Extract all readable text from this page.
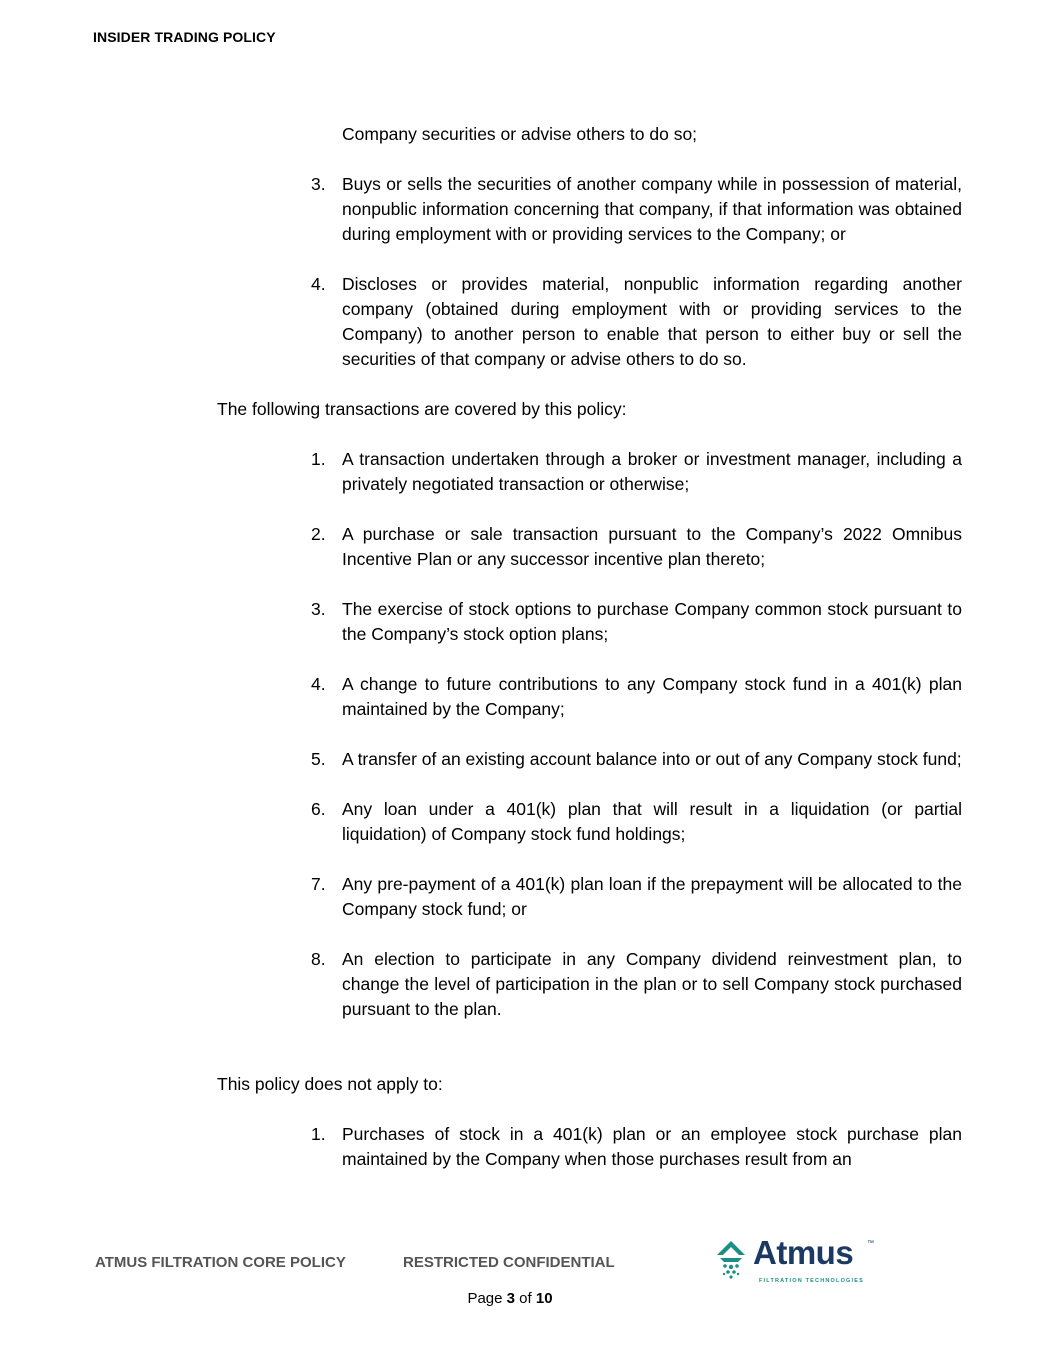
INSIDER TRADING POLICY

Company securities or advise others to do so;

3. Buys or sells the securities of another company while in possession of material, nonpublic information concerning that company, if that information was obtained during employment with or providing services to the Company; or
4. Discloses or provides material, nonpublic information regarding another company (obtained during employment with or providing services to the Company) to another person to enable that person to either buy or sell the securities of that company or advise others to do so.

The following transactions are covered by this policy:

1. A transaction undertaken through a broker or investment manager, including a privately negotiated transaction or otherwise;
2. A purchase or sale transaction pursuant to the Company’s 2022 Omnibus Incentive Plan or any successor incentive plan thereto;
3. The exercise of stock options to purchase Company common stock pursuant to the Company’s stock option plans;
4. A change to future contributions to any Company stock fund in a 401(k) plan maintained by the Company;
5. A transfer of an existing account balance into or out of any Company stock fund;
6. Any loan under a 401(k) plan that will result in a liquidation (or partial liquidation) of Company stock fund holdings;
7. Any pre-payment of a 401(k) plan loan if the prepayment will be allocated to the Company stock fund; or
8. An election to participate in any Company dividend reinvestment plan, to change the level of participation in the plan or to sell Company stock purchased pursuant to the plan.

This policy does not apply to:

1. Purchases of stock in a 401(k) plan or an employee stock purchase plan maintained by the Company when those purchases result from an
ATMUS FILTRATION CORE POLICY	RESTRICTED CONFIDENTIAL	Atmus ™
FILTRATION TECHNOLOGIES
Page 3 of 10
